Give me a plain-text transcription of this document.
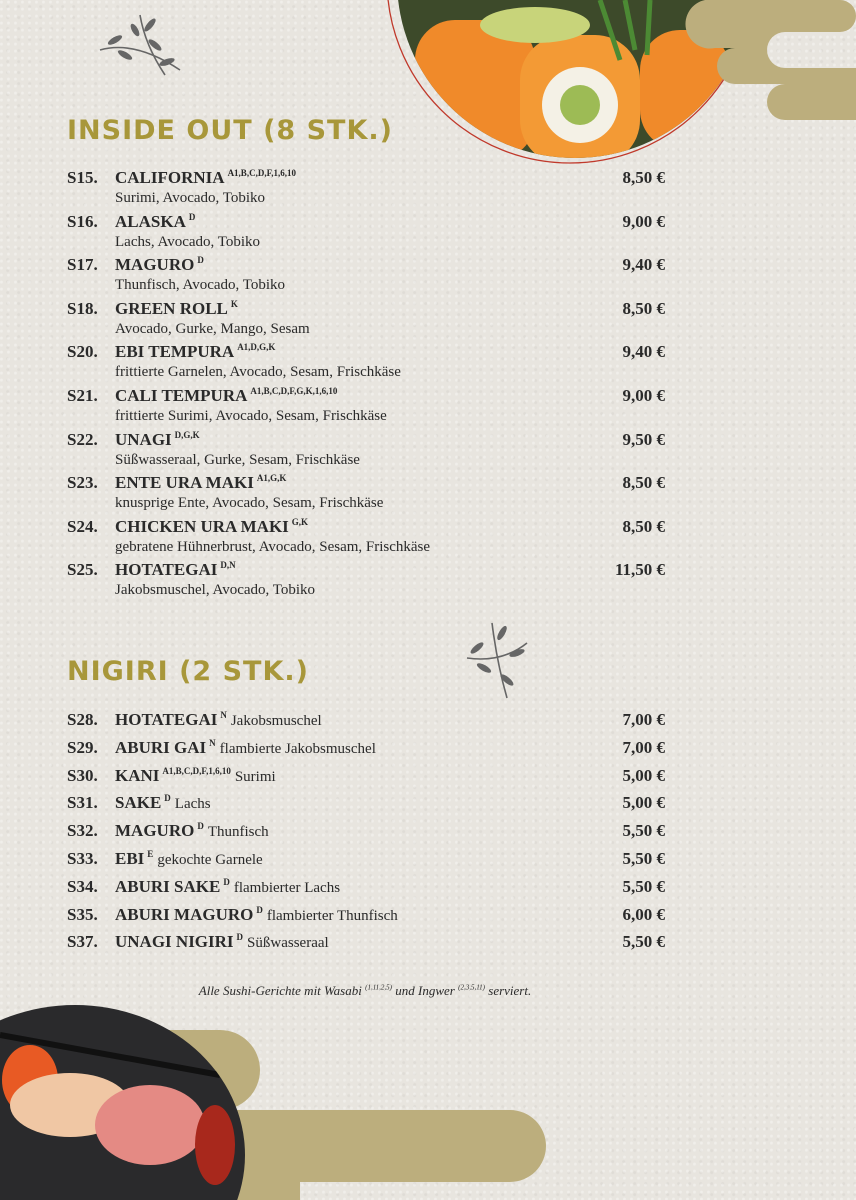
INSIDE OUT (8 STK.)
S15. CALIFORNIA $^{A1,B,C,D,F,1,6,10}$
Surimi, Avocado, Tobiko
8,50 €
S16. ALASKA $^D$
Lachs, Avocado, Tobiko
9,00 €
S17. MAGURO $^D$
Thunfisch, Avocado, Tobiko
9,40 €
S18. GREEN ROLL $^K$
Avocado, Gurke, Mango, Sesam
8,50 €
S20. EBI TEMPURA $^{A1,D,G,K}$
frittierte Garnelen, Avocado, Sesam, Frischkäse
9,40 €
S21. CALI TEMPURA $^{A1,B,C,D,F,G,K,1,6,10}$
frittierte Surimi, Avocado, Sesam, Frischkäse
9,00 €
S22. UNAGI $^{D,G,K}$
Süßwasseraal, Gurke, Sesam, Frischkäse
9,50 €
S23. ENTE URA MAKI $^{A1,G,K}$
knusprige Ente, Avocado, Sesam, Frischkäse
8,50 €
S24. CHICKEN URA MAKI $^{G,K}$
gebratene Hühnerbrust, Avocado, Sesam, Frischkäse
8,50 €
S25. HOTATEGAI $^{D,N}$
Jakobsmuschel, Avocado, Tobiko
11,50 €
NIGIRI (2 STK.)
S28. HOTATEGAI $^N$ Jakobsmuschel	7,00 €
S29. ABURI GAI $^N$ flambierte Jakobsmuschel	7,00 €
S30. KANI $^{A1,B,C,D,F,1,6,10}$ Surimi	5,00 €
S31. SAKE $^D$ Lachs	5,00 €
S32. MAGURO $^D$ Thunfisch	5,50 €
S33. EBI $^E$ gekochte Garnele	5,50 €
S34. ABURI SAKE $^D$ flambierter Lachs	5,50 €
S35. ABURI MAGURO $^D$ flambierter Thunfisch	6,00 €
S37. UNAGI NIGIRI $^D$ Süßwasseraal	5,50 €
Alle Sushi-Gerichte mit Wasabi $^{(1,11,2,5)}$ und Ingwer $^{(2,3,5,11)}$ serviert.
